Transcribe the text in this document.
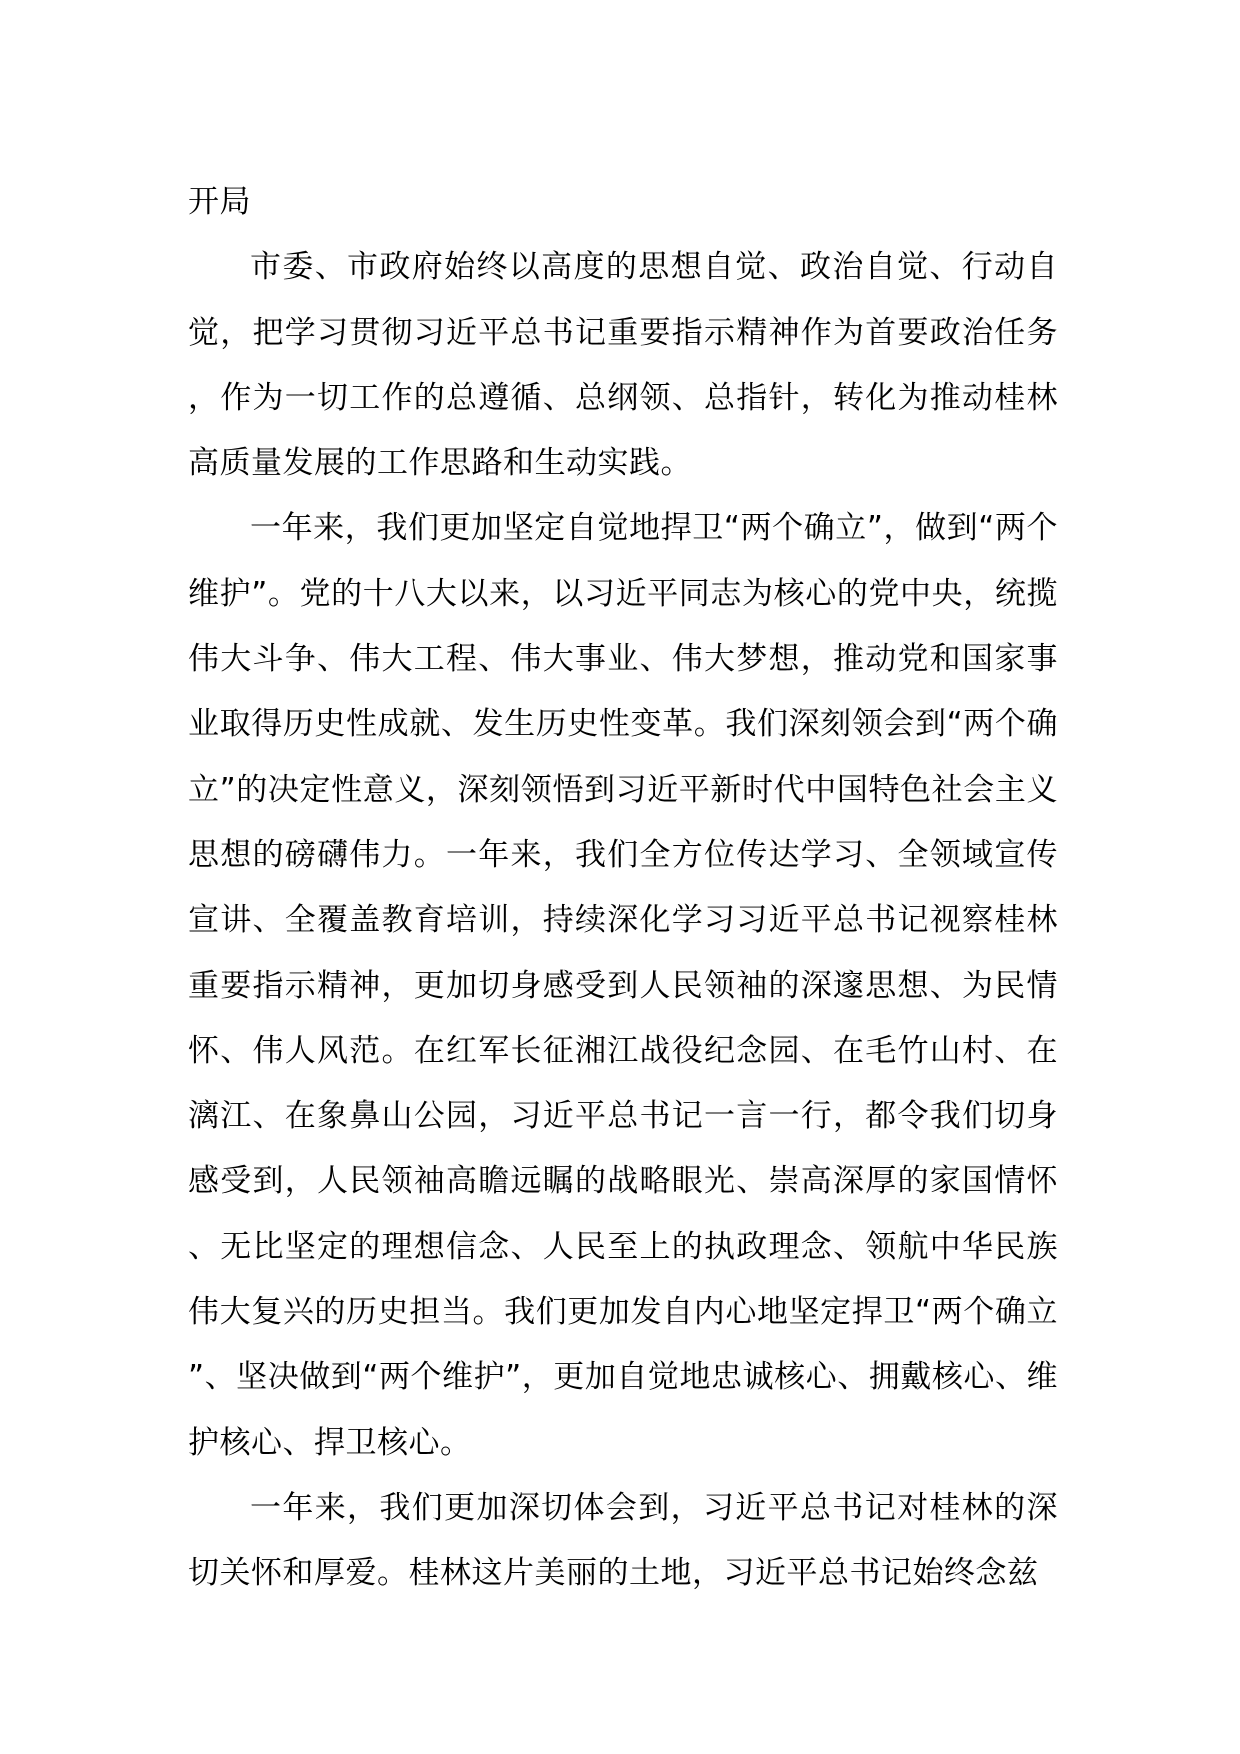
开局

市委、市政府始终以高度的思想自觉、政治自觉、行动自觉，把学习贯彻习近平总书记重要指示精神作为首要政治任务，作为一切工作的总遵循、总纲领、总指针，转化为推动桂林高质量发展的工作思路和生动实践。

一年来，我们更加坚定自觉地捍卫“两个确立”，做到“两个维护”。党的十八大以来，以习近平同志为核心的党中央，统揽伟大斗争、伟大工程、伟大事业、伟大梦想，推动党和国家事业取得历史性成就、发生历史性变革。我们深刻领会到“两个确立”的决定性意义，深刻领悟到习近平新时代中国特色社会主义思想的磅礴伟力。一年来，我们全方位传达学习、全领域宣传宣讲、全覆盖教育培训，持续深化学习习近平总书记视察桂林重要指示精神，更加切身感受到人民领袖的深邃思想、为民情怀、伟人风范。在红军长征湘江战役纪念园、在毛竹山村、在漓江、在象鼻山公园，习近平总书记一言一行，都令我们切身感受到，人民领袖高瞻远瞩的战略眼光、崇高深厚的家国情怀、无比坚定的理想信念、人民至上的执政理念、领航中华民族伟大复兴的历史担当。我们更加发自内心地坚定捍卫“两个确立”、坚决做到“两个维护”，更加自觉地忠诚核心、拥戴核心、维护核心、捍卫核心。

一年来，我们更加深切体会到，习近平总书记对桂林的深切关怀和厚爱。桂林这片美丽的土地，习近平总书记始终念兹
